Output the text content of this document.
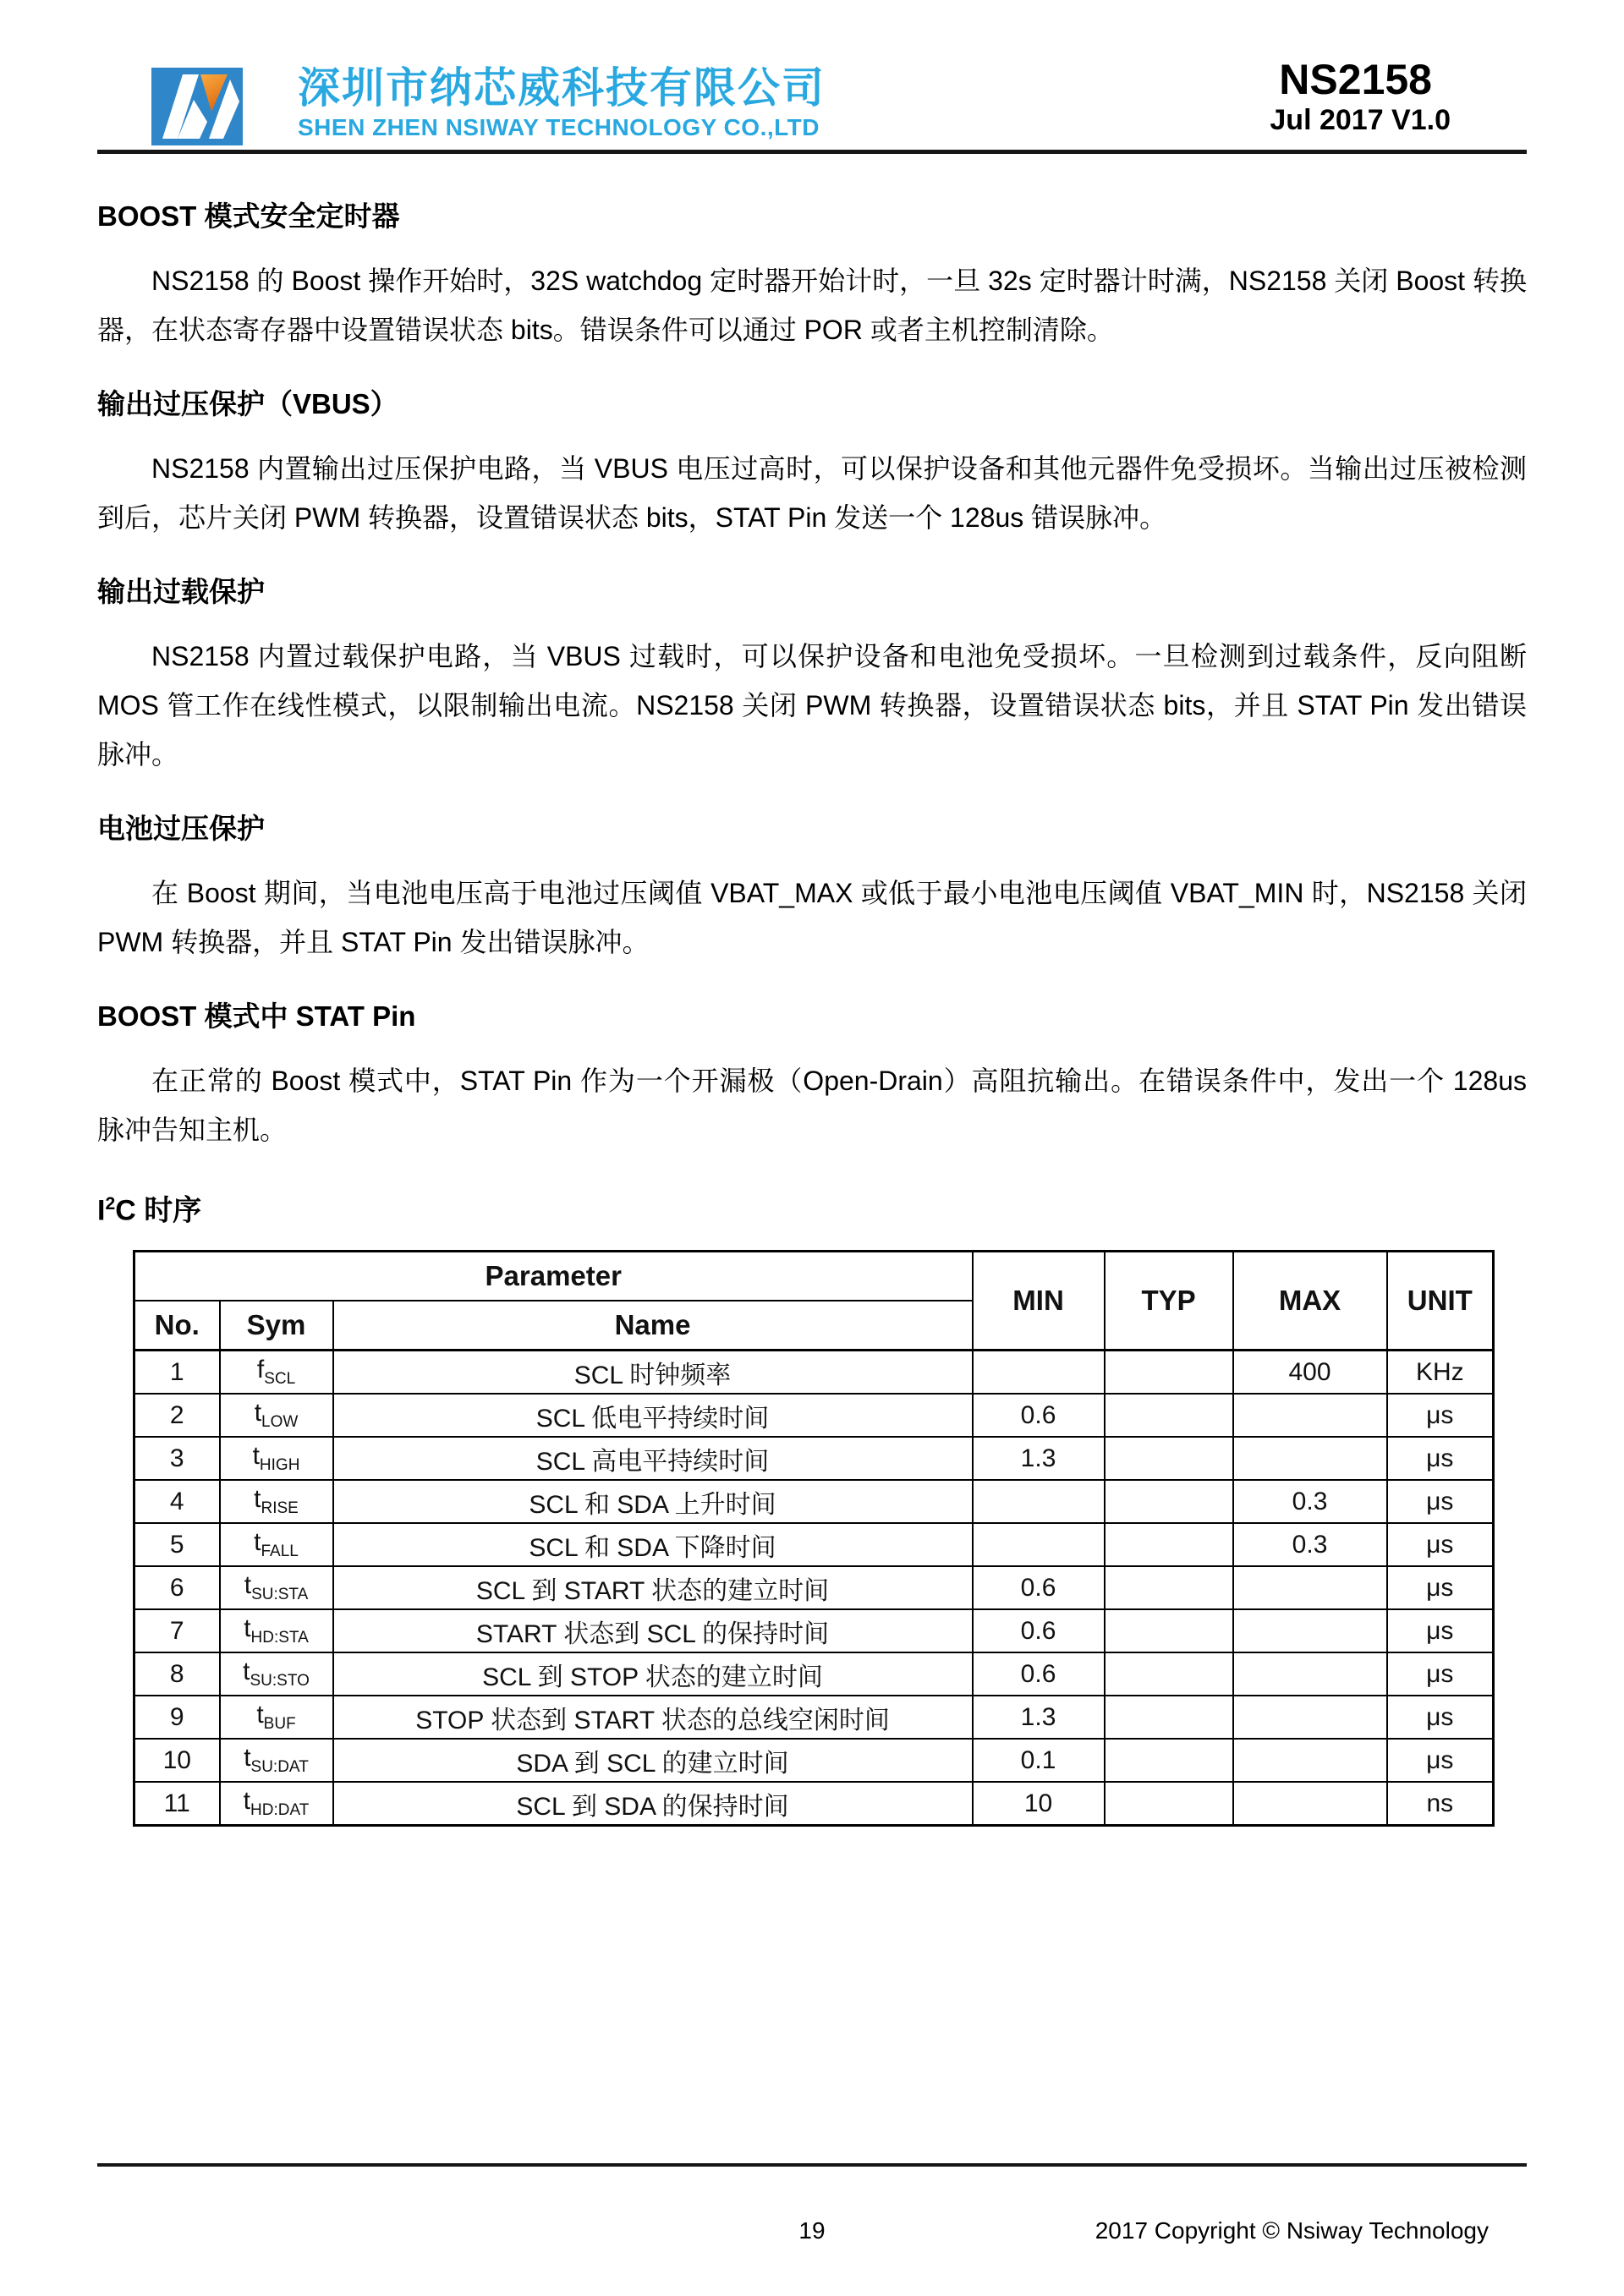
深圳市纳芯威科技有限公司
SHEN ZHEN NSIWAY TECHNOLOGY CO.,LTD
NS2158
Jul 2017 V1.0
BOOST 模式安全定时器

NS2158 的 Boost 操作开始时，32S watchdog 定时器开始计时，一旦 32s 定时器计时满，NS2158 关闭 Boost 转换器，在状态寄存器中设置错误状态 bits。错误条件可以通过 POR 或者主机控制清除。

输出过压保护（VBUS）

NS2158 内置输出过压保护电路，当 VBUS 电压过高时，可以保护设备和其他元器件免受损坏。当输出过压被检测到后，芯片关闭 PWM 转换器，设置错误状态 bits，STAT Pin 发送一个 128us 错误脉冲。

输出过载保护

NS2158 内置过载保护电路，当 VBUS 过载时，可以保护设备和电池免受损坏。一旦检测到过载条件，反向阻断 MOS 管工作在线性模式，以限制输出电流。NS2158 关闭 PWM 转换器，设置错误状态 bits，并且 STAT Pin 发出错误脉冲。

电池过压保护

在 Boost 期间，当电池电压高于电池过压阈值 VBAT_MAX 或低于最小电池电压阈值 VBAT_MIN 时，NS2158 关闭 PWM 转换器，并且 STAT Pin 发出错误脉冲。

BOOST 模式中 STAT Pin

在正常的 Boost 模式中，STAT Pin 作为一个开漏极（Open-Drain）高阻抗输出。在错误条件中，发出一个 128us 脉冲告知主机。

$I^2C$ 时序
Parameter			MIN	TYP	MAX	UNIT
No.	Sym	Name				
1	$f_{SCL}$	SCL 时钟频率			400	KHz
2	$t_{LOW}$	SCL 低电平持续时间	0.6			μs
3	$t_{HIGH}$	SCL 高电平持续时间	1.3			μs
4	$t_{RISE}$	SCL 和 SDA 上升时间			0.3	μs
5	$t_{FALL}$	SCL 和 SDA 下降时间			0.3	μs
6	$t_{SU:STA}$	SCL 到 START 状态的建立时间	0.6			μs
7	$t_{HD:STA}$	START 状态到 SCL 的保持时间	0.6			μs
8	$t_{SU:STO}$	SCL 到 STOP 状态的建立时间	0.6			μs
9	$t_{BUF}$	STOP 状态到 START 状态的总线空闲时间	1.3			μs
10	$t_{SU:DAT}$	SDA 到 SCL 的建立时间	0.1			μs
11	$t_{HD:DAT}$	SCL 到 SDA 的保持时间	10			ns
19	2017 Copyright © Nsiway Technology
